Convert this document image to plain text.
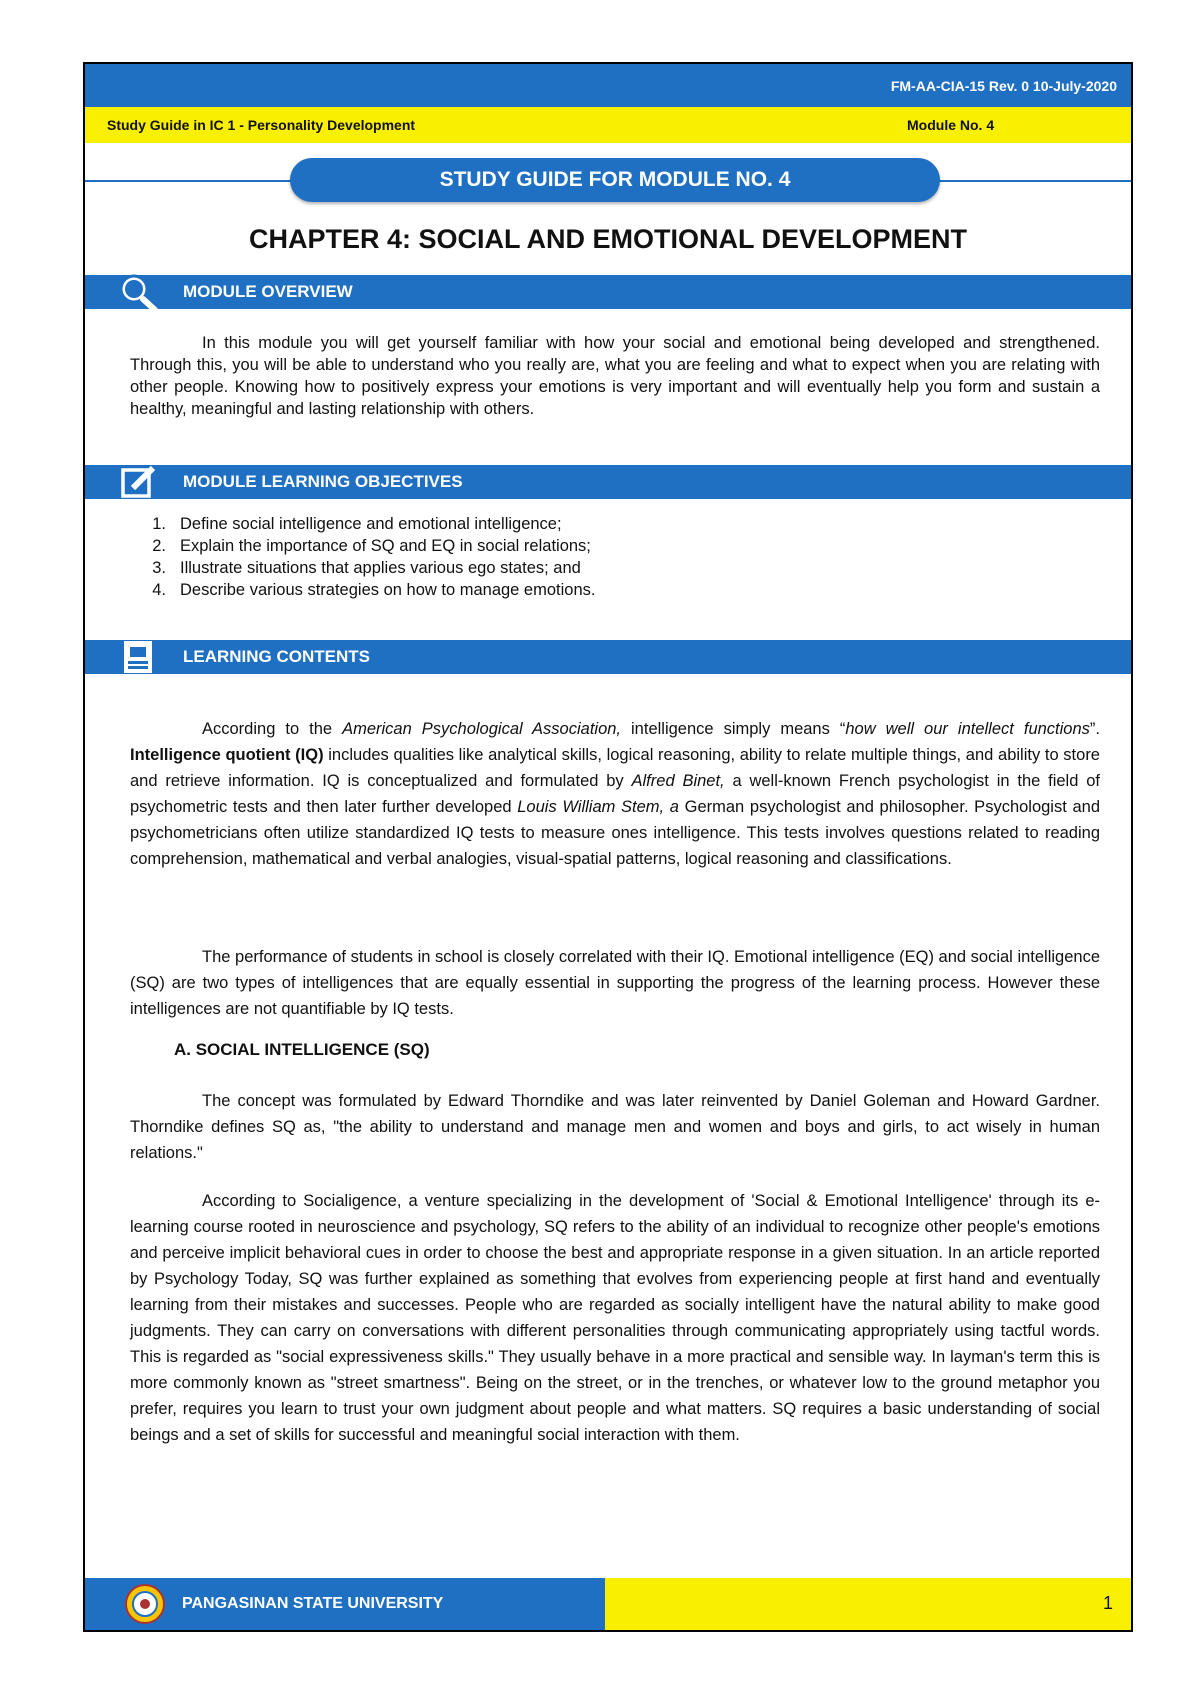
FM-AA-CIA-15 Rev. 0 10-July-2020
Study Guide in IC 1 - Personality Development	Module No. 4
STUDY GUIDE FOR MODULE NO. 4
CHAPTER 4: SOCIAL AND EMOTIONAL DEVELOPMENT
MODULE OVERVIEW
In this module you will get yourself familiar with how your social and emotional being developed and strengthened. Through this, you will be able to understand who you really are, what you are feeling and what to expect when you are relating with other people. Knowing how to positively express your emotions is very important and will eventually help you form and sustain a healthy, meaningful and lasting relationship with others.
MODULE LEARNING OBJECTIVES
1. Define social intelligence and emotional intelligence;
2. Explain the importance of SQ and EQ in social relations;
3. Illustrate situations that applies various ego states; and
4. Describe various strategies on how to manage emotions.
LEARNING CONTENTS
According to the American Psychological Association, intelligence simply means “how well our intellect functions”. Intelligence quotient (IQ) includes qualities like analytical skills, logical reasoning, ability to relate multiple things, and ability to store and retrieve information. IQ is conceptualized and formulated by Alfred Binet, a well-known French psychologist in the field of psychometric tests and then later further developed Louis William Stem, a German psychologist and philosopher. Psychologist and psychometricians often utilize standardized IQ tests to measure ones intelligence. This tests involves questions related to reading comprehension, mathematical and verbal analogies, visual-spatial patterns, logical reasoning and classifications.
The performance of students in school is closely correlated with their IQ. Emotional intelligence (EQ) and social intelligence (SQ) are two types of intelligences that are equally essential in supporting the progress of the learning process. However these intelligences are not quantifiable by IQ tests.
A. SOCIAL INTELLIGENCE (SQ)
The concept was formulated by Edward Thorndike and was later reinvented by Daniel Goleman and Howard Gardner. Thorndike defines SQ as, "the ability to understand and manage men and women and boys and girls, to act wisely in human relations."
According to Socialigence, a venture specializing in the development of 'Social & Emotional Intelligence' through its e-learning course rooted in neuroscience and psychology, SQ refers to the ability of an individual to recognize other people's emotions and perceive implicit behavioral cues in order to choose the best and appropriate response in a given situation. In an article reported by Psychology Today, SQ was further explained as something that evolves from experiencing people at first hand and eventually learning from their mistakes and successes. People who are regarded as socially intelligent have the natural ability to make good judgments. They can carry on conversations with different personalities through communicating appropriately using tactful words. This is regarded as "social expressiveness skills." They usually behave in a more practical and sensible way. In layman's term this is more commonly known as "street smartness". Being on the street, or in the trenches, or whatever low to the ground metaphor you prefer, requires you learn to trust your own judgment about people and what matters. SQ requires a basic understanding of social beings and a set of skills for successful and meaningful social interaction with them.
PANGASINAN STATE UNIVERSITY	1
